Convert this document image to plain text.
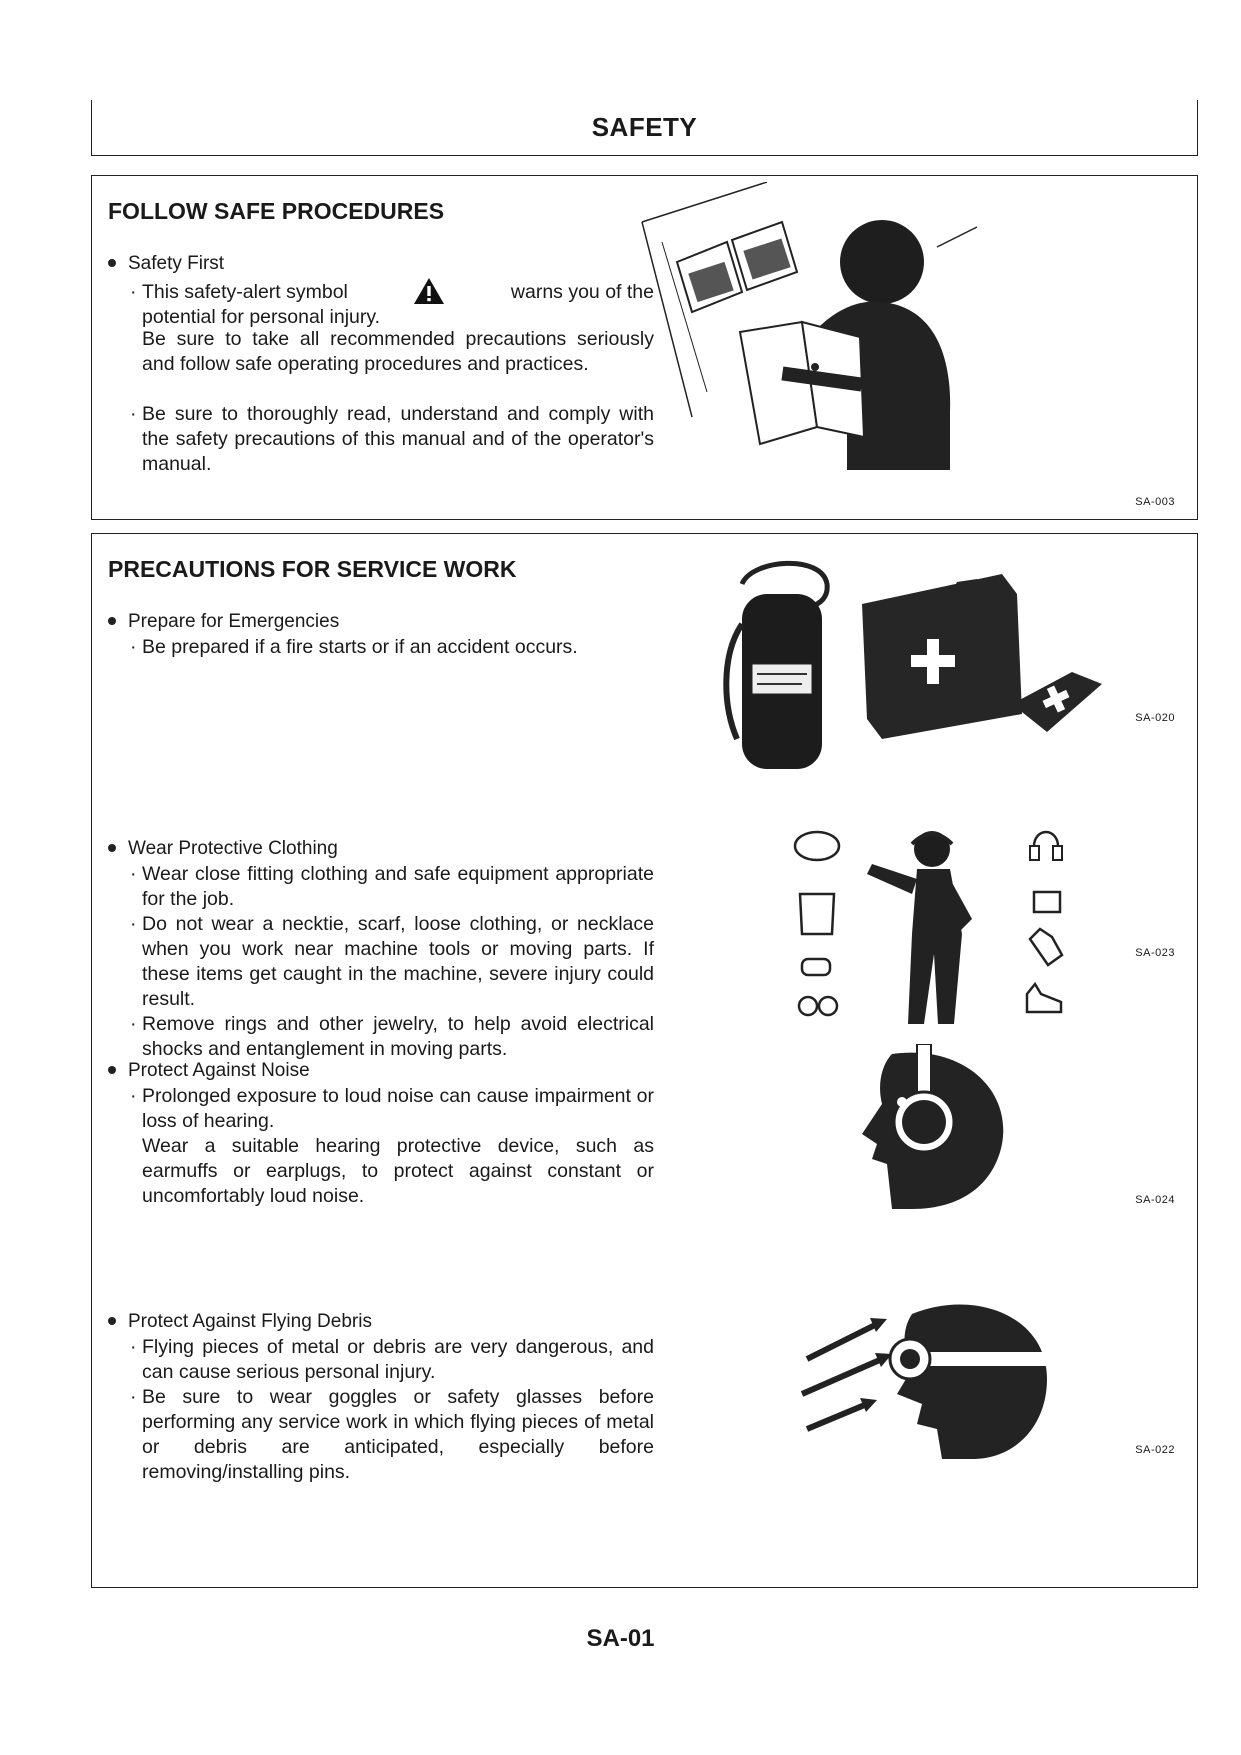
SAFETY
FOLLOW SAFE PROCEDURES
Safety First
· This safety-alert symbol	warns you of the
potential for personal injury.
Be sure to take all recommended precautions seriously and follow safe operating procedures and practices.
· Be sure to thoroughly read, understand and comply with the safety precautions of this manual and of the operator's manual.
SA-003
PRECAUTIONS FOR SERVICE WORK
Prepare for Emergencies
· Be prepared if a fire starts or if an accident occurs.
SA-020
Wear Protective Clothing
· Wear close fitting clothing and safe equipment appropriate for the job.
· Do not wear a necktie, scarf, loose clothing, or necklace when you work near machine tools or moving parts. If these items get caught in the machine, severe injury could result.
· Remove rings and other jewelry, to help avoid electrical shocks and entanglement in moving parts.
SA-023
Protect Against Noise
· Prolonged exposure to loud noise can cause impairment or loss of hearing.
Wear a suitable hearing protective device, such as earmuffs or earplugs, to protect against constant or uncomfortably loud noise.	SA-024
Protect Against Flying Debris
· Flying pieces of metal or debris are very dangerous, and can cause serious personal injury.
· Be sure to wear goggles or safety glasses before performing any service work in which flying pieces of metal or debris are anticipated, especially before removing/installing pins.
SA-022
SA-01
